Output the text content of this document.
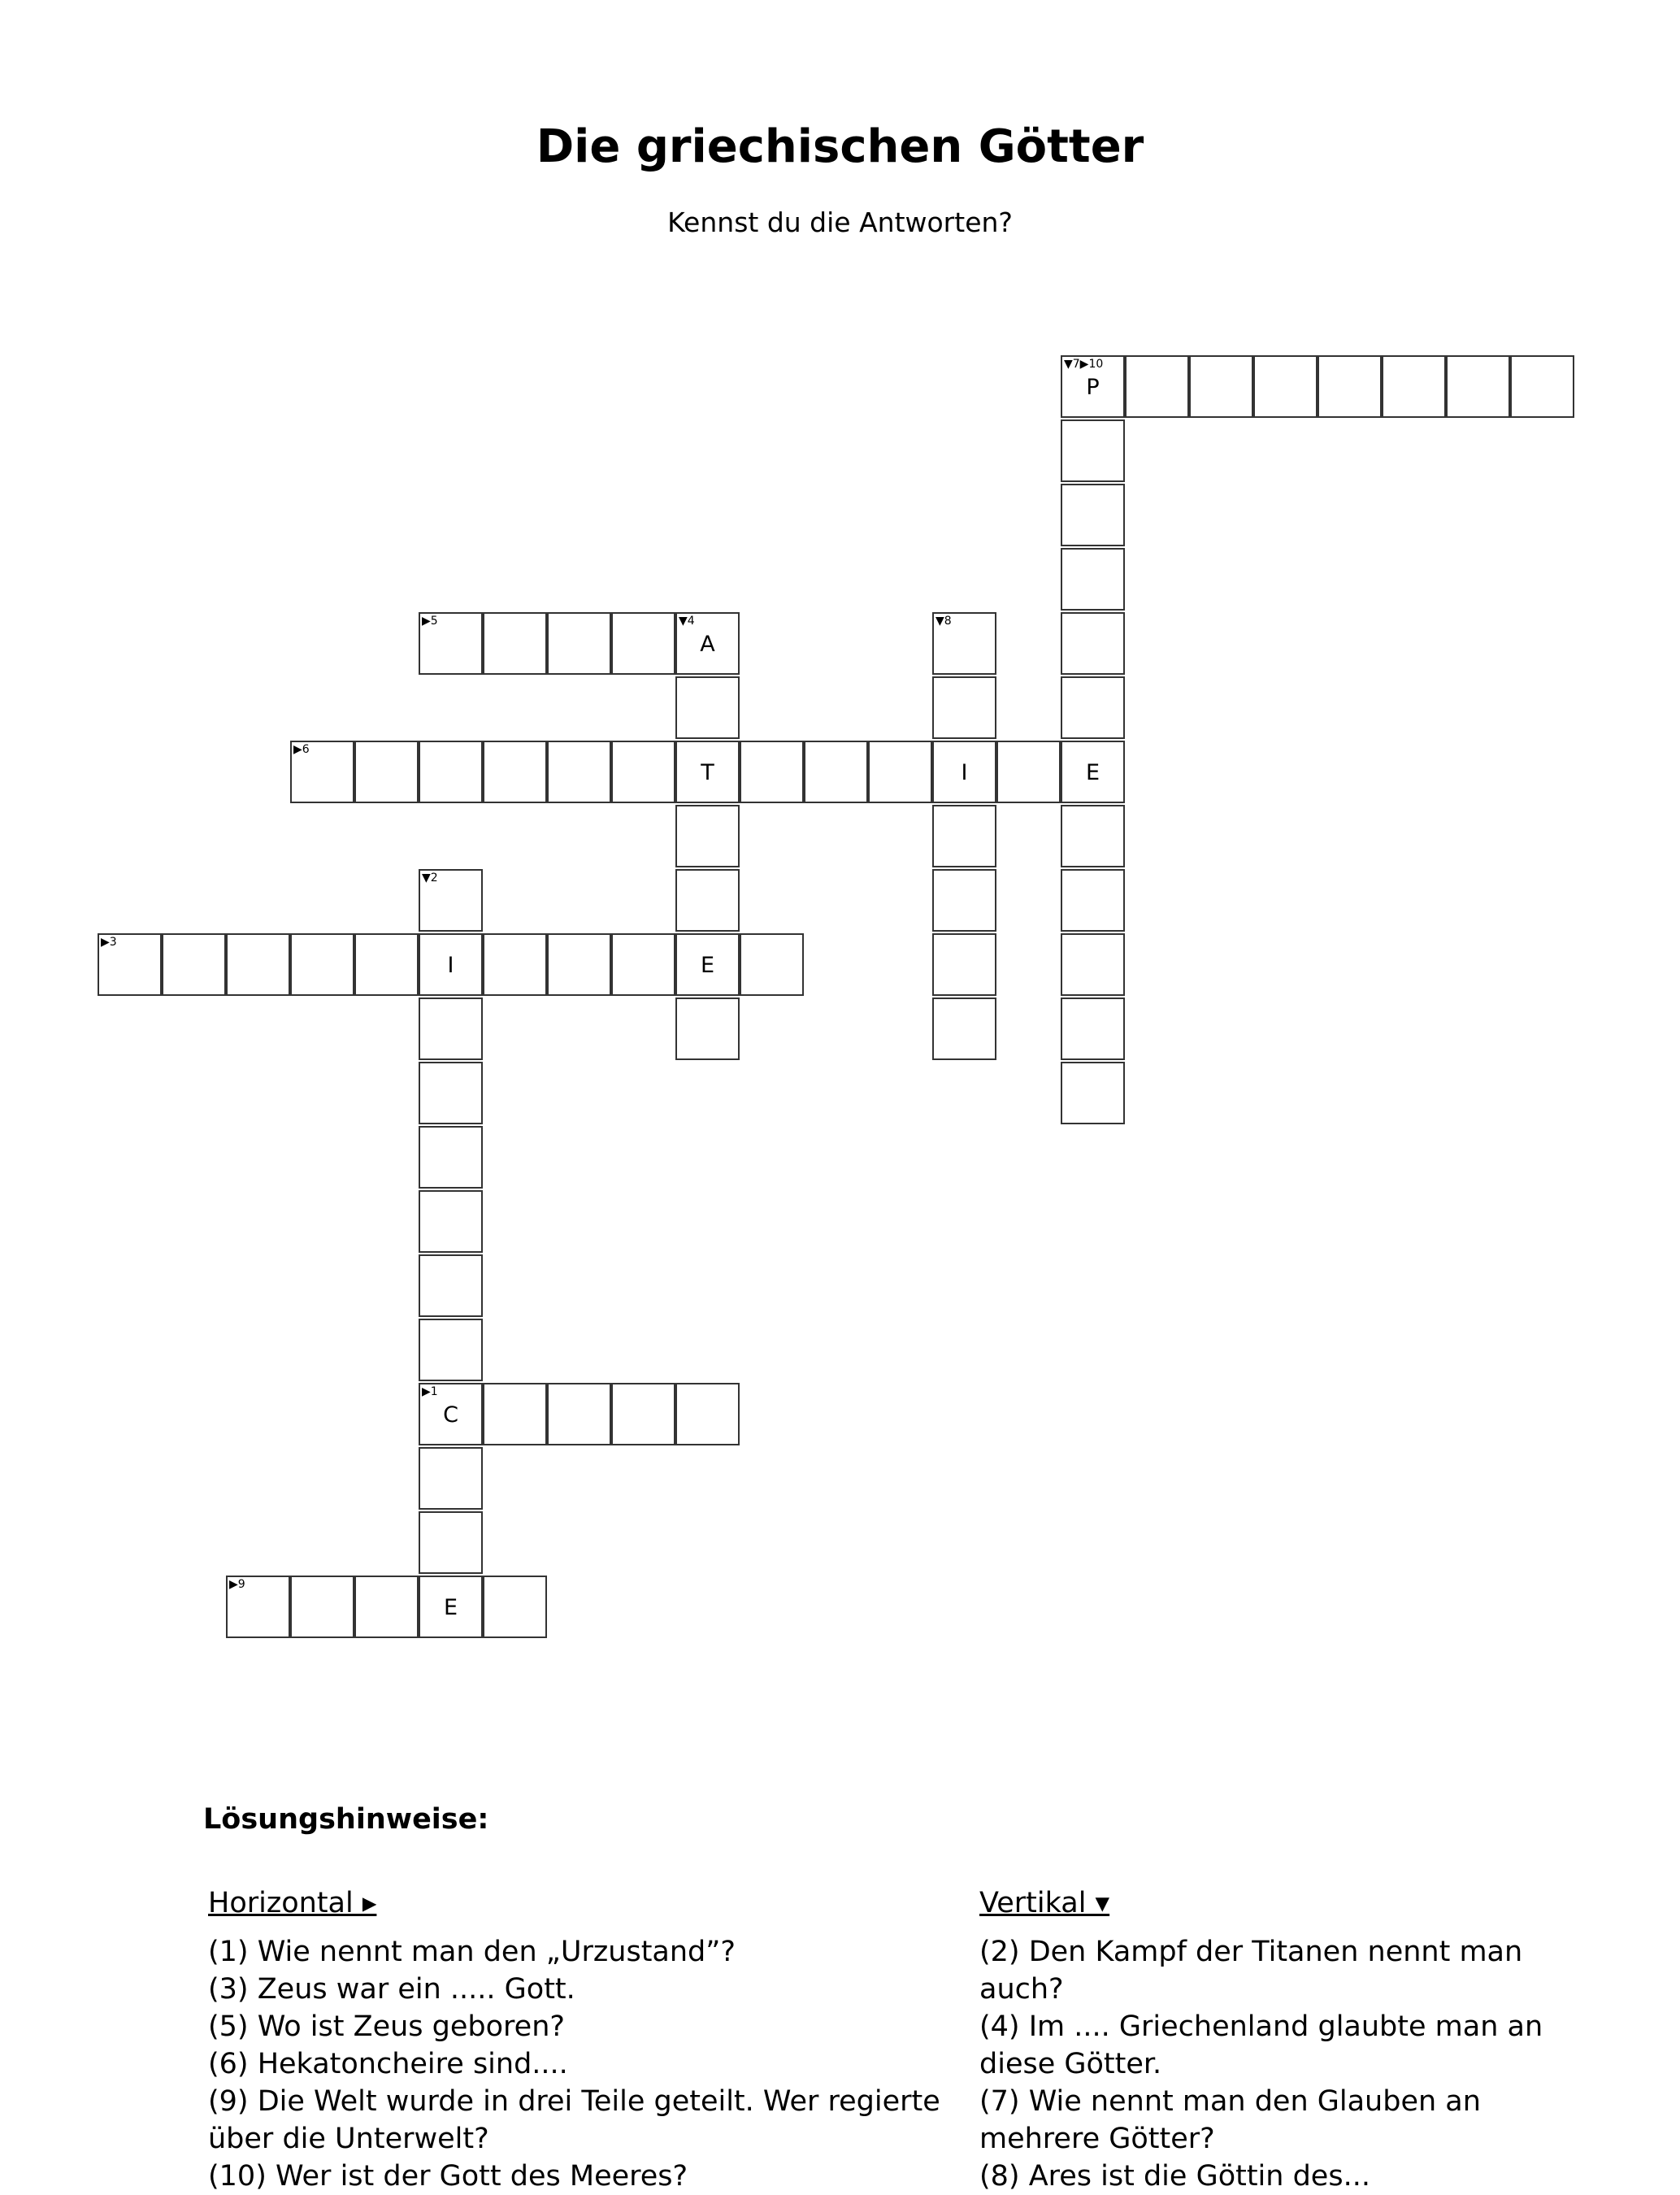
Die griechischen Götter

Kennst du die Antworten?

▼7▶10
P
▶5	▼4
A
▼8
▶6
T	I	E
▼2
▶3
I	E
▶1
C
▶9
E
Lösungshinweise:
Horizontal ▸
(1) Wie nennt man den „Urzustand”?
(3) Zeus war ein ..... Gott.
(5) Wo ist Zeus geboren?
(6) Hekatoncheire sind....
(9) Die Welt wurde in drei Teile geteilt. Wer regierte über die Unterwelt?
(10) Wer ist der Gott des Meeres?
Vertikal ▾
(2) Den Kampf der Titanen nennt man auch?
(4) Im .... Griechenland glaubte man an diese Götter.
(7) Wie nennt man den Glauben an mehrere Götter?
(8) Ares ist die Göttin des...
